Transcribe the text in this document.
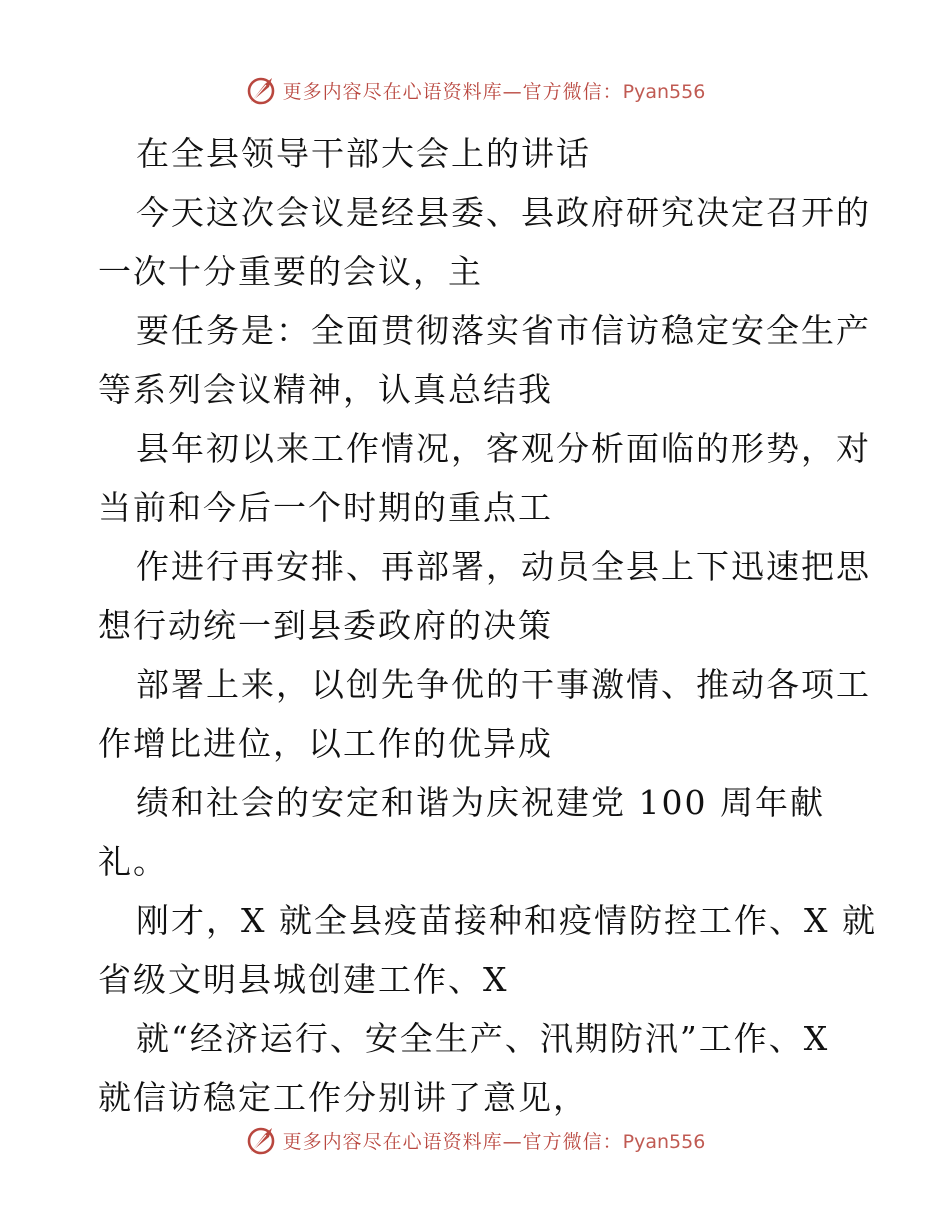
更多内容尽在心语资料库—官方微信：Pyan556

在全县领导干部大会上的讲话

今天这次会议是经县委、县政府研究决定召开的

一次十分重要的会议，主

要任务是：全面贯彻落实省市信访稳定安全生产

等系列会议精神，认真总结我

县年初以来工作情况，客观分析面临的形势，对

当前和今后一个时期的重点工

作进行再安排、再部署，动员全县上下迅速把思

想行动统一到县委政府的决策

部署上来，以创先争优的干事激情、推动各项工

作增比进位，以工作的优异成

绩和社会的安定和谐为庆祝建党 100 周年献

礼。

刚才，X 就全县疫苗接种和疫情防控工作、X 就

省级文明县城创建工作、X

就“经济运行、安全生产、汛期防汛”工作、X

就信访稳定工作分别讲了意见，

更多内容尽在心语资料库—官方微信：Pyan556
